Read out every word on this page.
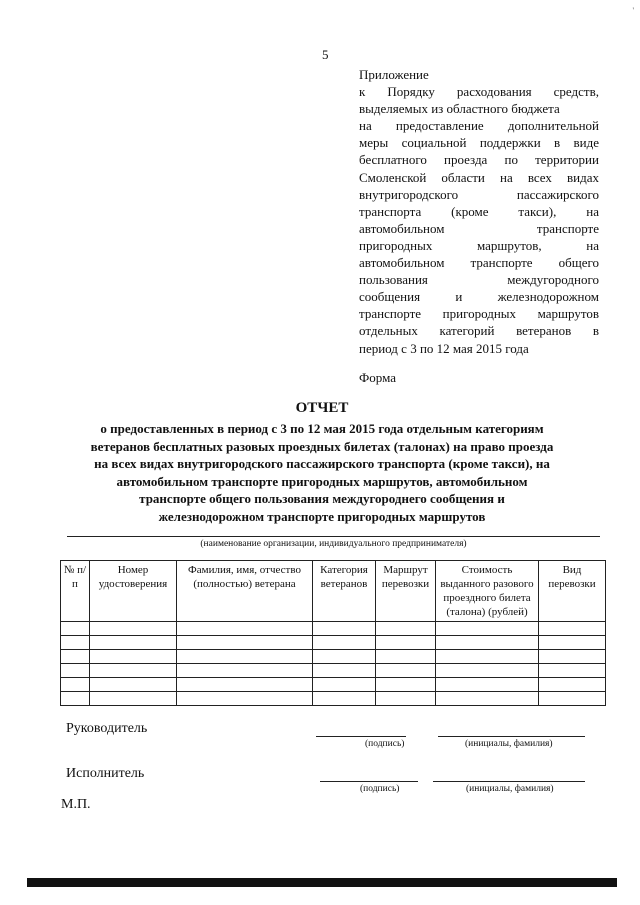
'
5
Приложение
к Порядку расходования средств,
выделяемых из областного бюджета
на предоставление дополнительной
меры социальной поддержки в виде
бесплатного проезда по территории
Смоленской области на всех видах
внутригородского	пассажирского
транспорта (кроме такси), на
автомобильном	транспорте
пригородных	маршрутов,	на
автомобильном транспорте общего
пользования	междугородного
сообщения	и	железнодорожном
транспорте пригородных маршрутов
отдельных категорий ветеранов в
период с 3 по 12 мая 2015 года
Форма
ОТЧЕТ
о предоставленных в период с 3 по 12 мая 2015 года отдельным категориям
ветеранов бесплатных разовых проездных билетах (талонах) на право проезда
на всех видах внутригородского пассажирского транспорта (кроме такси), на
автомобильном транспорте пригородных маршрутов, автомобильном
транспорте общего пользования междугороднего сообщения и
железнодорожном транспорте пригородных маршрутов
(наименование организации, индивидуального предпринимателя)
№ п/п	Номер удостоверения	Фамилия, имя, отчество (полностью) ветерана	Категория ветеранов	Маршрут перевозки	Стоимость выданного разового проездного билета (талона) (рублей)	Вид перевозки

Руководитель
(подпись)	(инициалы, фамилия)
Исполнитель
(подпись)	(инициалы, фамилия)
М.П.
